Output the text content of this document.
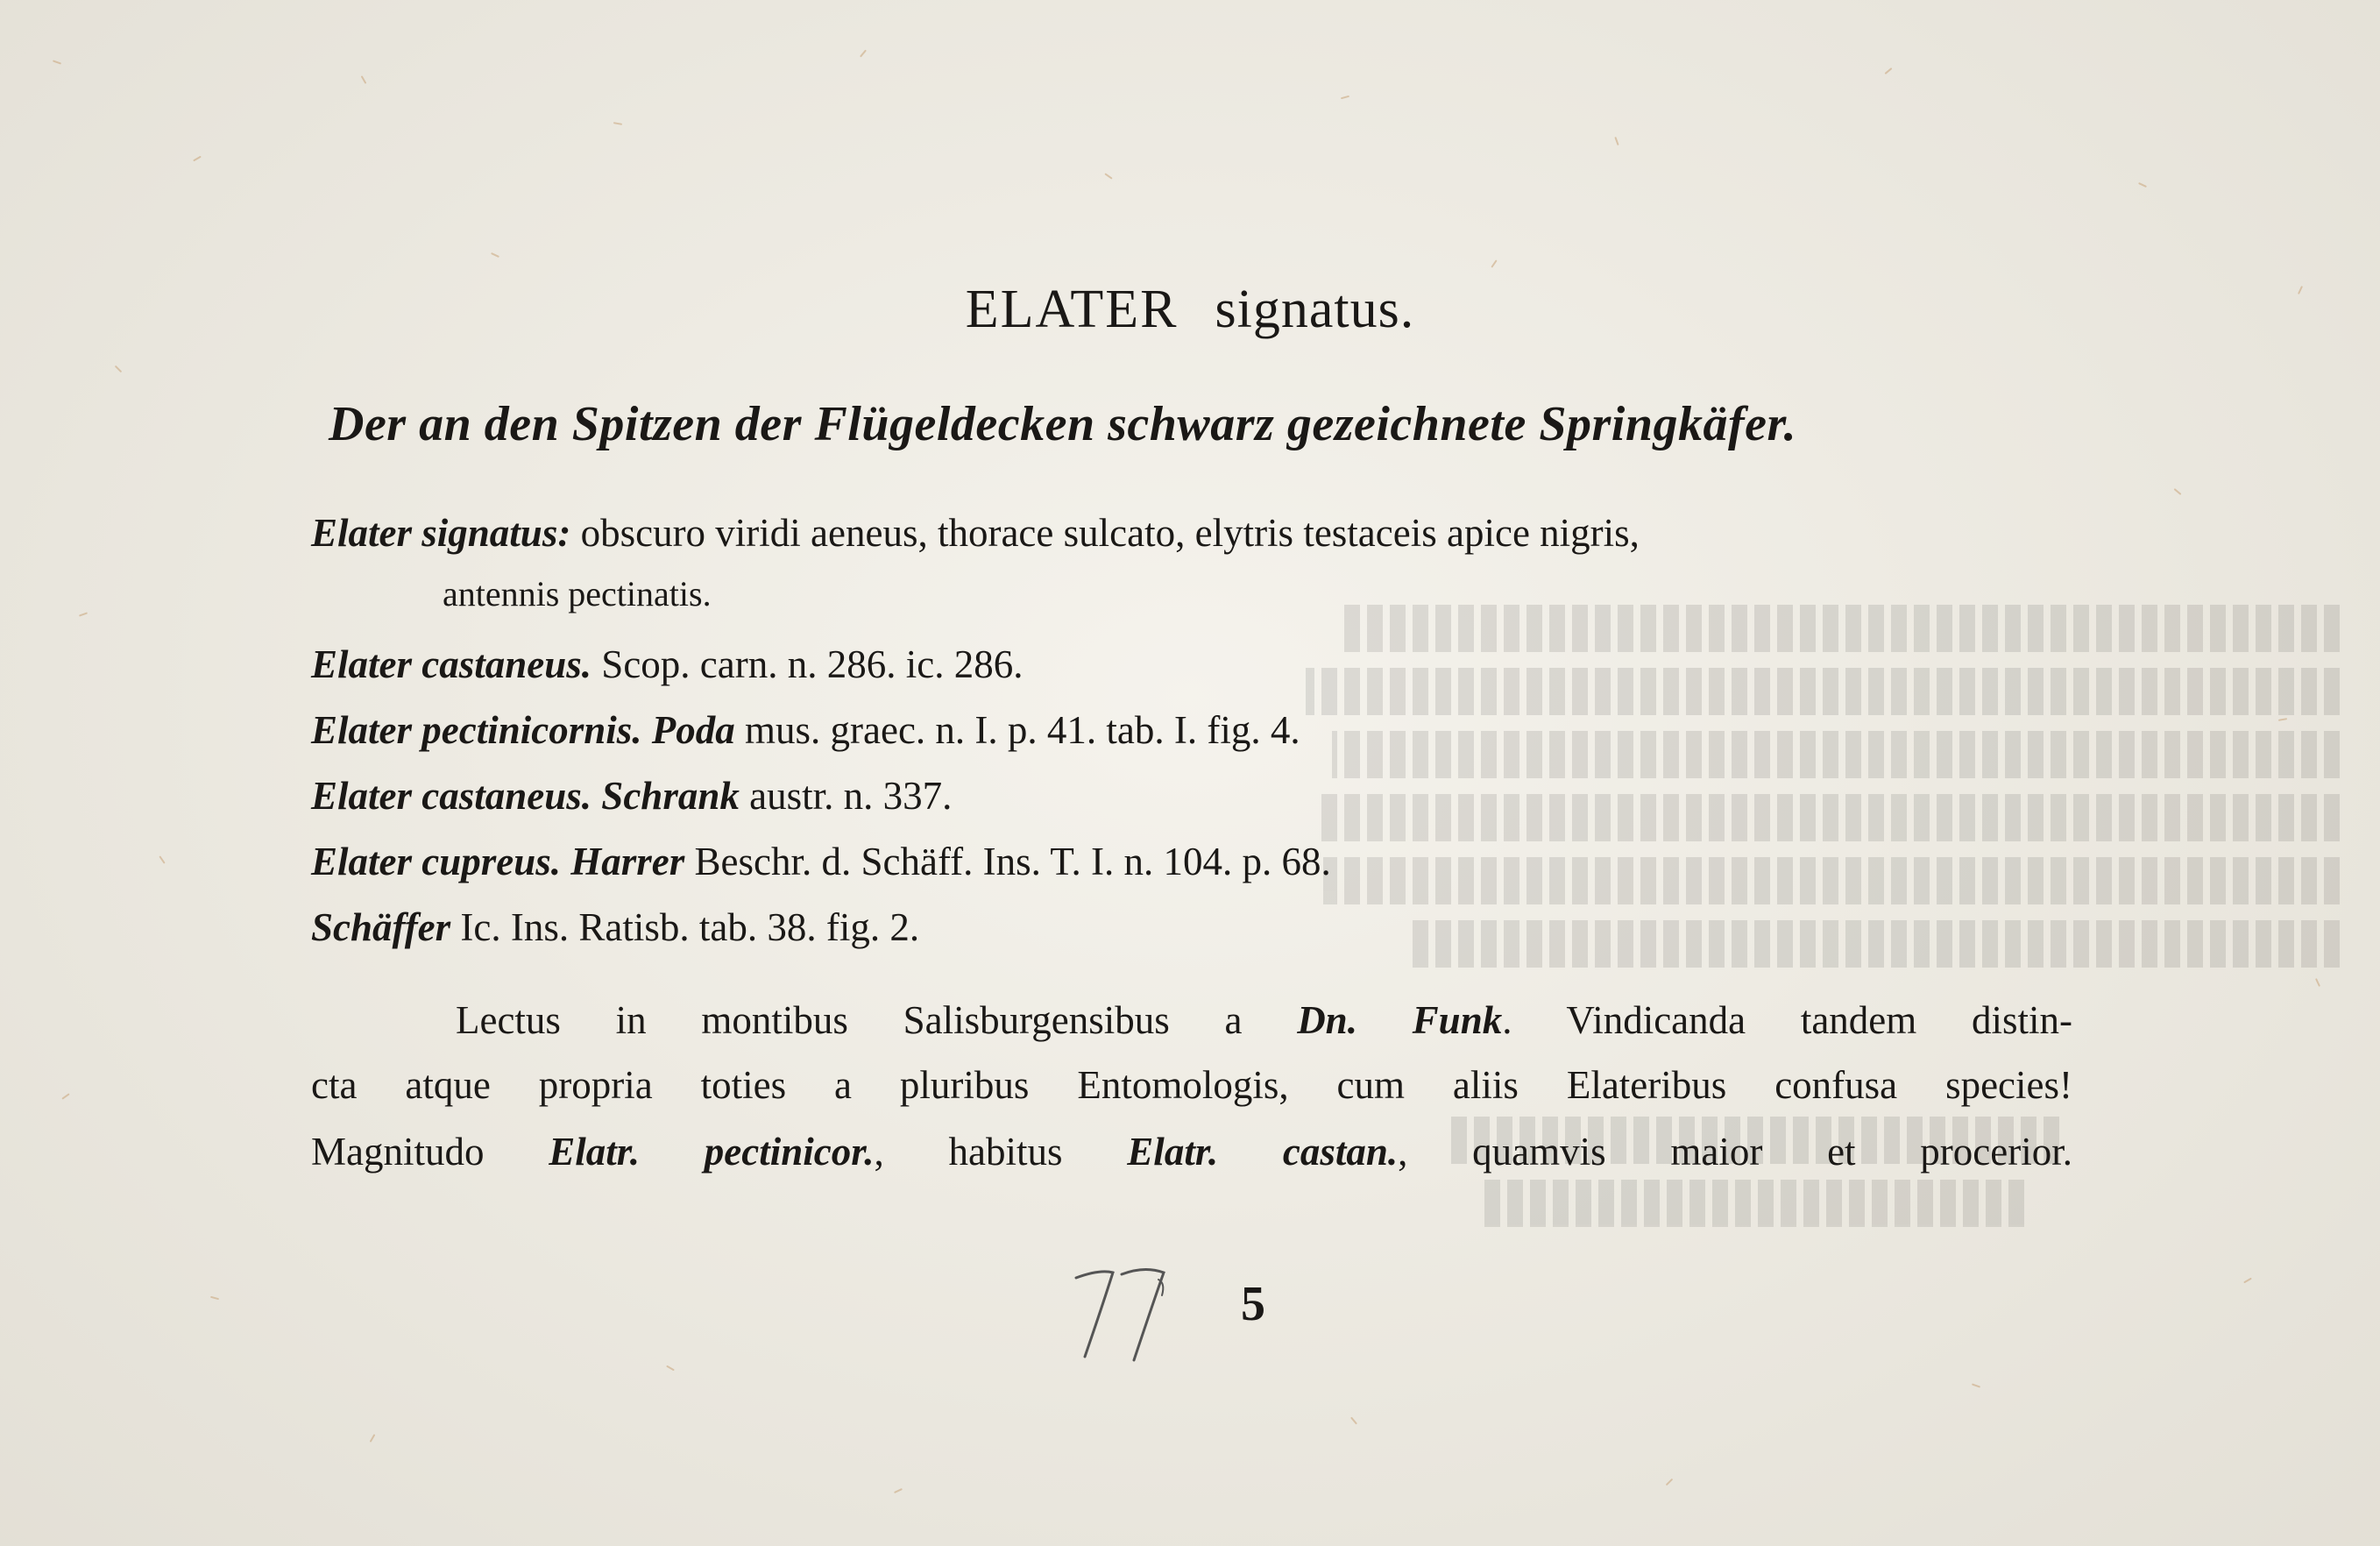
ELATER signatus.
Der an den Spitzen der Flügeldecken schwarz gezeichnete Springkäfer.
Elater signatus: obscuro viridi aeneus, thorace sulcato, elytris testaceis apice nigris,
antennis pectinatis.
Elater castaneus. Scop. carn. n. 286. ic. 286.
Elater pectinicornis. Poda mus. graec. n. I. p. 41. tab. I. fig. 4.
Elater castaneus. Schrank austr. n. 337.
Elater cupreus. Harrer Beschr. d. Schäff. Ins. T. I. n. 104. p. 68.
Schäffer Ic. Ins. Ratisb. tab. 38. fig. 2.
Lectus in montibus Salisburgensibus a Dn. Funk. Vindicanda tandem distin-
cta atque propria toties a pluribus Entomologis, cum aliis Elateribus confusa species!
Magnitudo Elatr. pectinicor., habitus Elatr. castan., quamvis maior et procerior.
5
